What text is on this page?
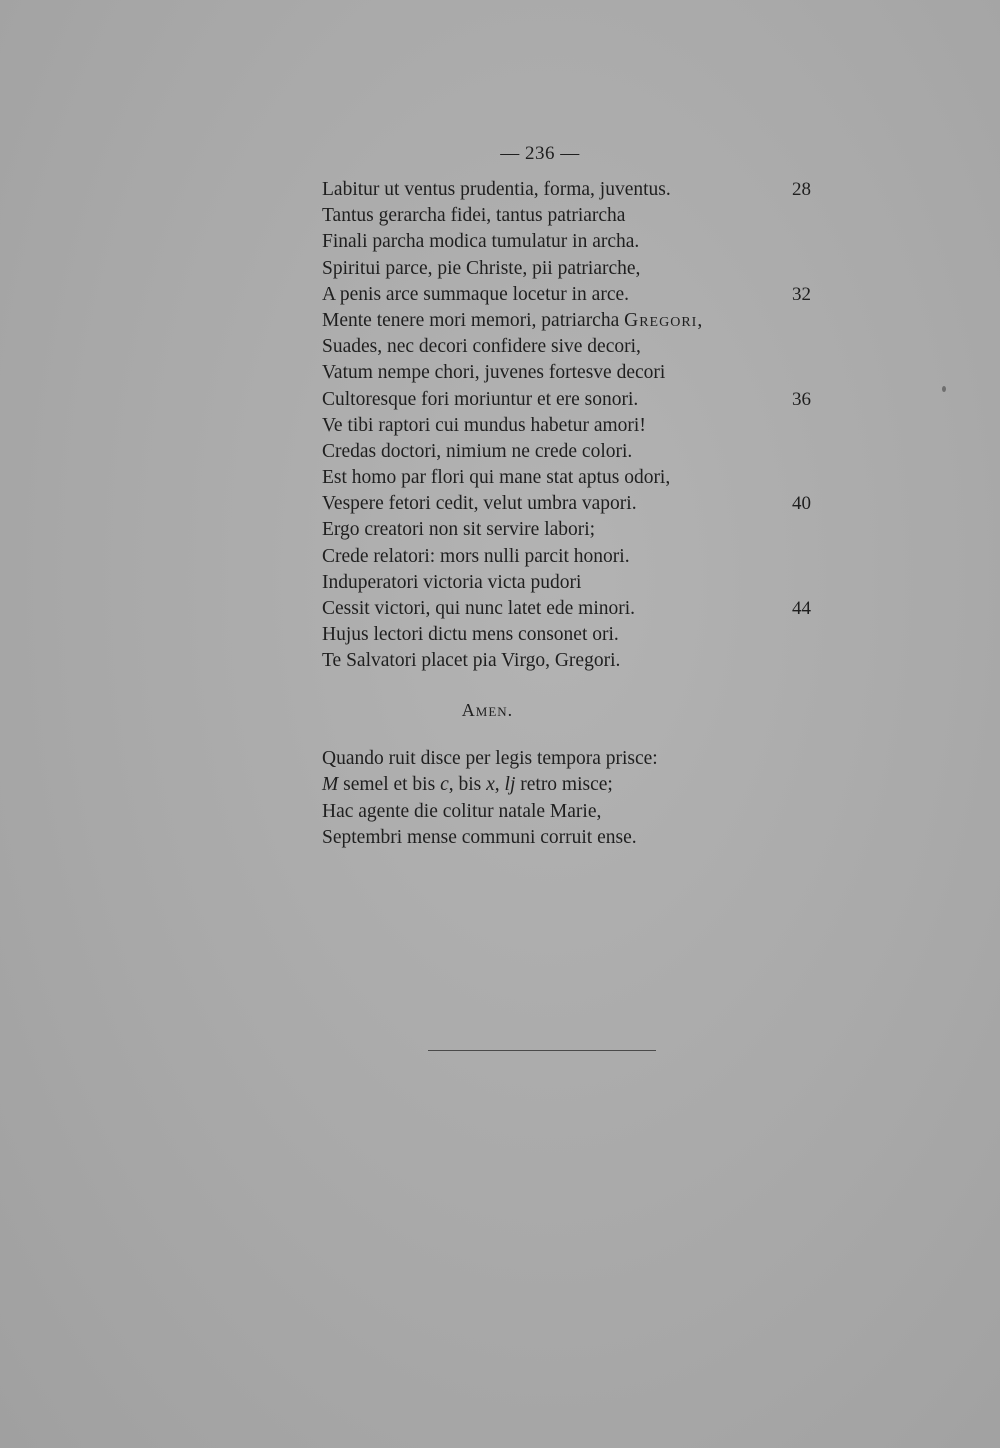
— 236 —
Labitur ut ventus prudentia, forma, juventus.	28
Tantus gerarcha fidei, tantus patriarcha
Finali parcha modica tumulatur in archa.
Spiritui parce, pie Christe, pii patriarche,
A penis arce summaque locetur in arce.	32
Mente tenere mori memori, patriarcha Gregori,
Suades, nec decori confidere sive decori,
Vatum nempe chori, juvenes fortesve decori
Cultoresque fori moriuntur et ere sonori.	36
Ve tibi raptori cui mundus habetur amori!
Credas doctori, nimium ne crede colori.
Est homo par flori qui mane stat aptus odori,
Vespere fetori cedit, velut umbra vapori.	40
Ergo creatori non sit servire labori;
Crede relatori: mors nulli parcit honori.
Induperatori victoria victa pudori
Cessit victori, qui nunc latet ede minori.	44
Hujus lectori dictu mens consonet ori.
Te Salvatori placet pia Virgo, Gregori.
Amen.
Quando ruit disce per legis tempora prisce:
M semel et bis c, bis x, lj retro misce;
Hac agente die colitur natale Marie,
Septembri mense communi corruit ense.
